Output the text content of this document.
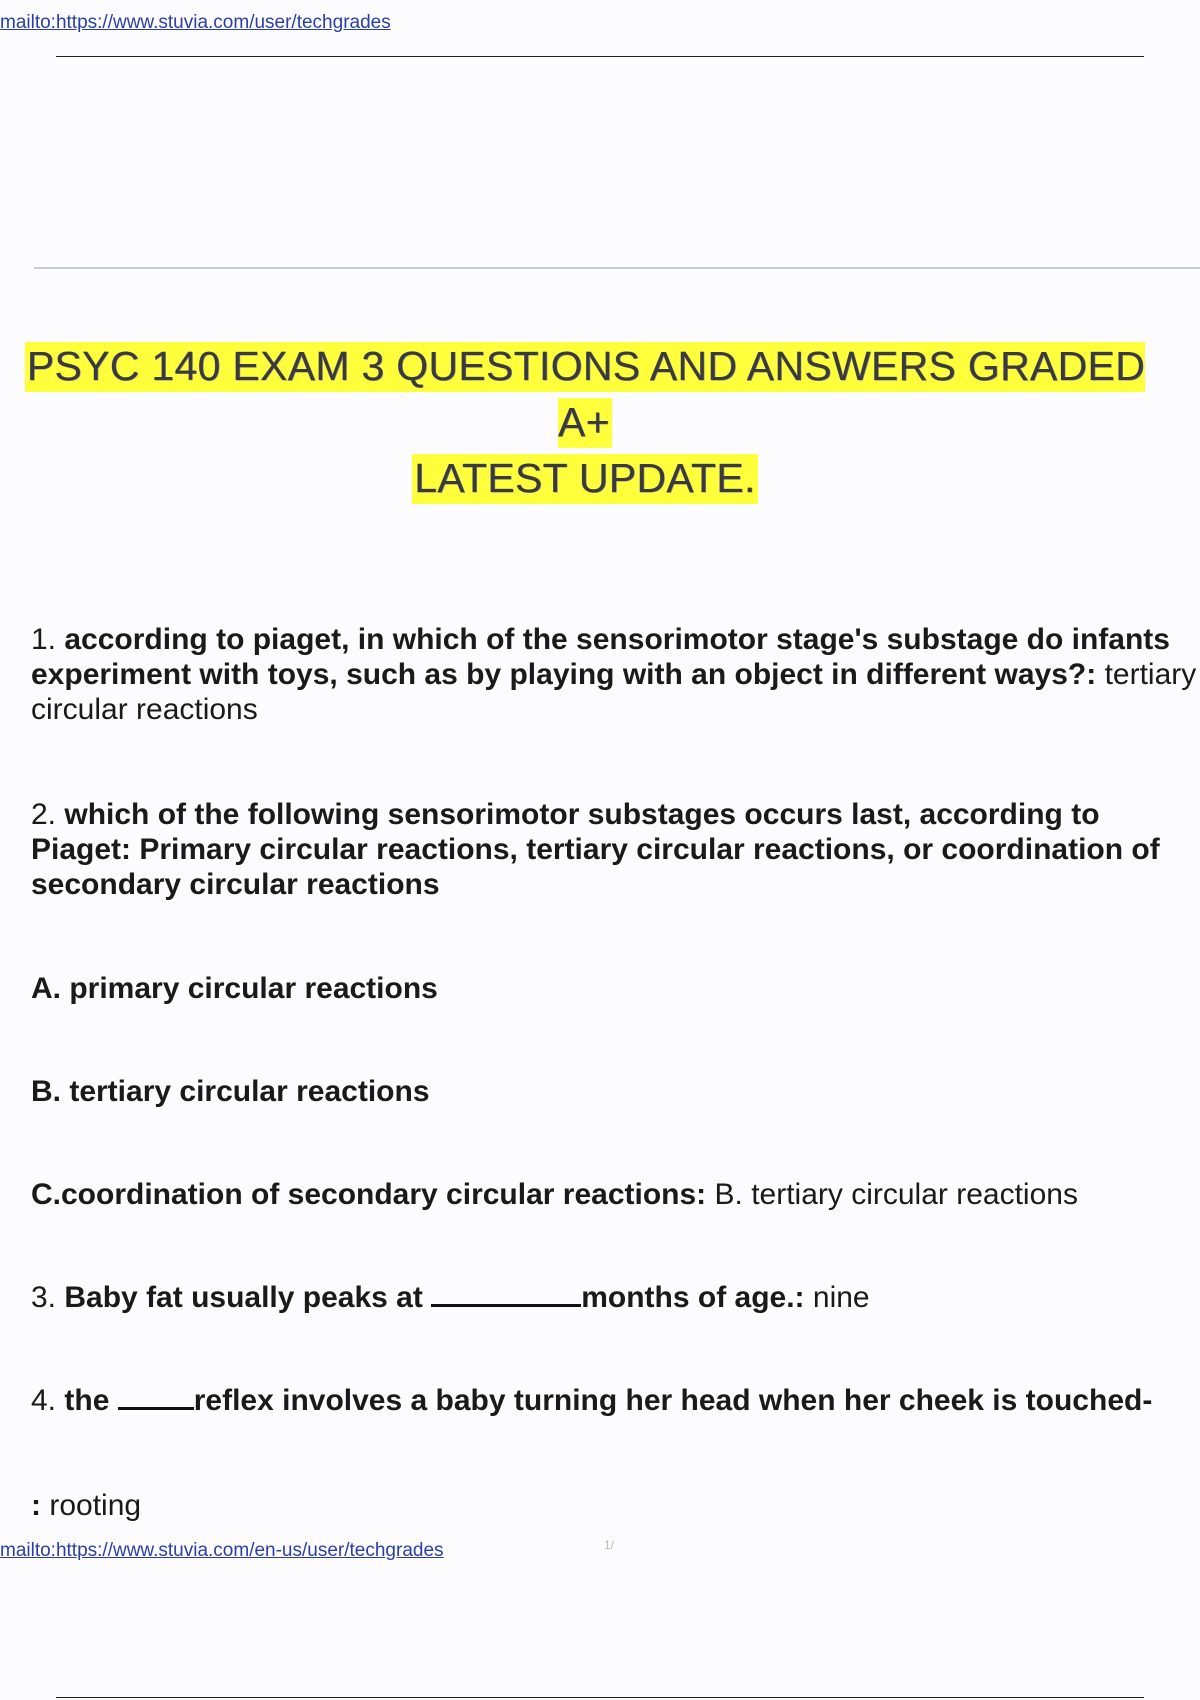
mailto:https://www.stuvia.com/user/techgrades
PSYC 140 EXAM 3 QUESTIONS AND ANSWERS GRADED A+
LATEST UPDATE.
1. according to piaget, in which of the sensorimotor stage's substage do infants experiment with toys, such as by playing with an object in different ways?: tertiary circular reactions
2. which of the following sensorimotor substages occurs last, according to Piaget: Primary circular reactions, tertiary circular reactions, or coordination of secondary circular reactions
A. primary circular reactions
B. tertiary circular reactions
C.coordination of secondary circular reactions: B. tertiary circular reactions
3. Baby fat usually peaks at	months of age.: nine
4. the	reflex involves a baby turning her head when her cheek is touched-
: rooting
mailto:https://www.stuvia.com/en-us/user/techgrades	1/
